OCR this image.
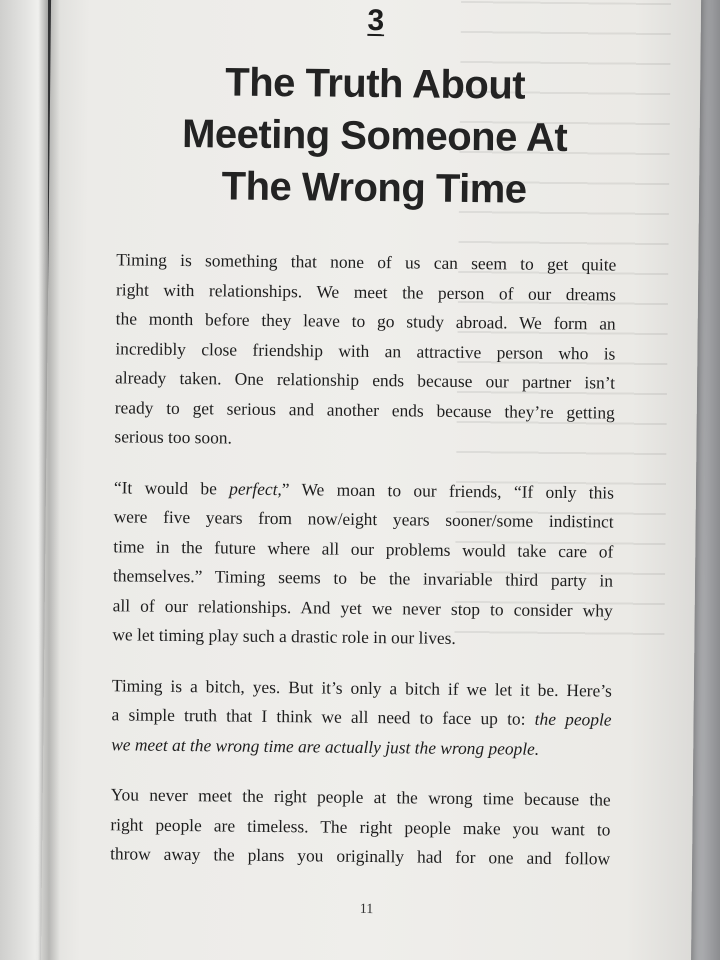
3
The Truth About
Meeting Someone At
The Wrong Time
Timing is something that none of us can seem to get quite
right with relationships. We meet the person of our dreams
the month before they leave to go study abroad. We form an
incredibly close friendship with an attractive person who is
already taken. One relationship ends because our partner isn’t
ready to get serious and another ends because they’re getting
serious too soon.
“It would be perfect,” We moan to our friends, “If only this
were five years from now/eight years sooner/some indistinct
time in the future where all our problems would take care of
themselves.” Timing seems to be the invariable third party in
all of our relationships. And yet we never stop to consider why
we let timing play such a drastic role in our lives.
Timing is a bitch, yes. But it’s only a bitch if we let it be. Here’s
a simple truth that I think we all need to face up to: the people
we meet at the wrong time are actually just the wrong people.
You never meet the right people at the wrong time because the
right people are timeless. The right people make you want to
throw away the plans you originally had for one and follow
11
